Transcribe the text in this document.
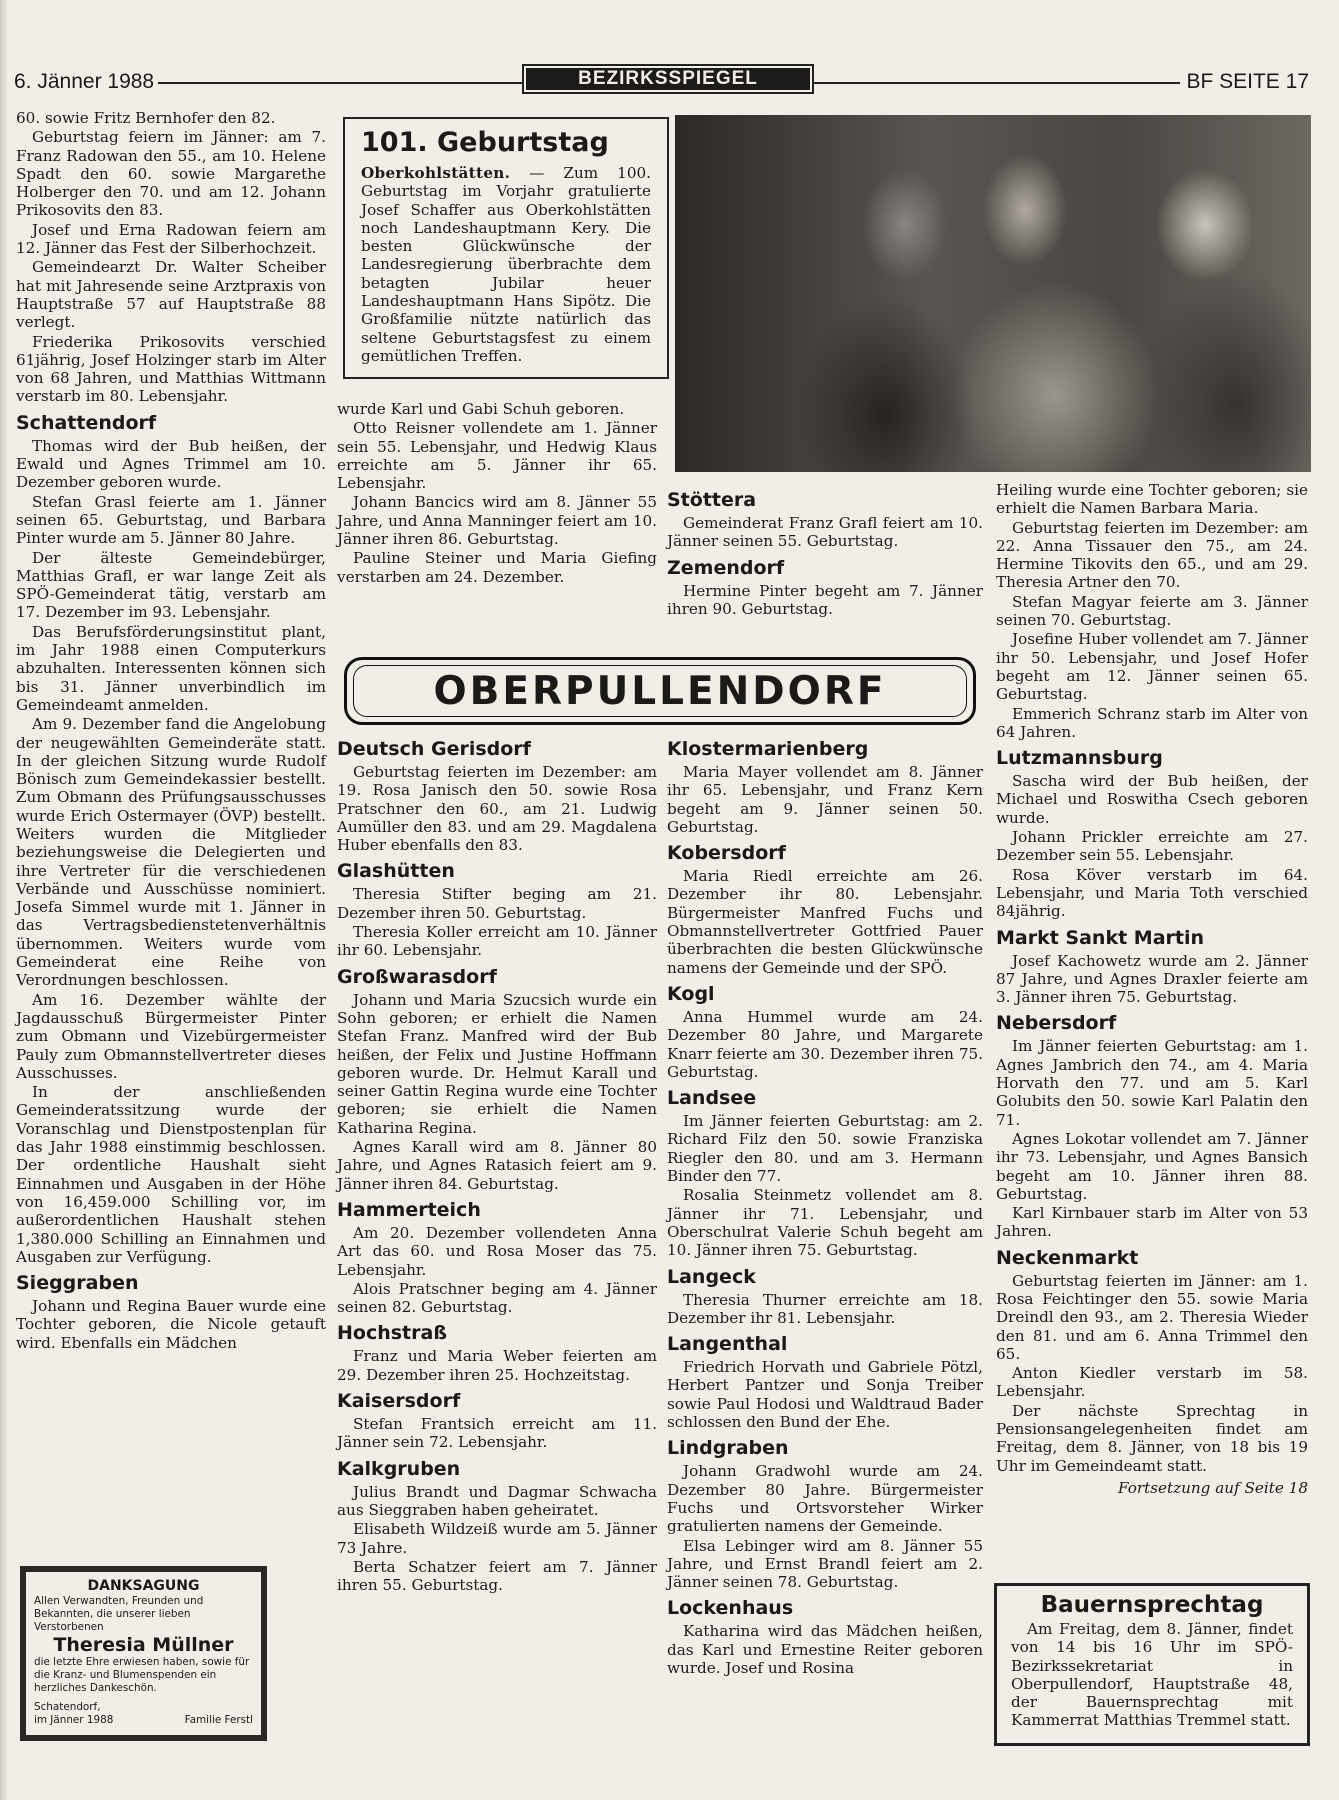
6. Jänner 1988	BEZIRKSSPIEGEL	BF SEITE 17

60. sowie Fritz Bernhofer den 82.

Geburtstag feiern im Jänner: am 7. Franz Radowan den 55., am 10. Helene Spadt den 60. sowie Margarethe Holberger den 70. und am 12. Johann Prikosovits den 83.

Josef und Erna Radowan feiern am 12. Jänner das Fest der Silberhochzeit.

Gemeindearzt Dr. Walter Scheiber hat mit Jahresende seine Arztpraxis von Hauptstraße 57 auf Hauptstraße 88 verlegt.

Friederika Prikosovits verschied 61jährig, Josef Holzinger starb im Alter von 68 Jahren, und Matthias Wittmann verstarb im 80. Lebensjahr.

Schattendorf

Thomas wird der Bub heißen, der Ewald und Agnes Trimmel am 10. Dezember geboren wurde.

Stefan Grasl feierte am 1. Jänner seinen 65. Geburtstag, und Barbara Pinter wurde am 5. Jänner 80 Jahre.

Der älteste Gemeindebürger, Matthias Grafl, er war lange Zeit als SPÖ-Gemeinderat tätig, verstarb am 17. Dezember im 93. Lebensjahr.

Das Berufsförderungsinstitut plant, im Jahr 1988 einen Computerkurs abzuhalten. Interessenten können sich bis 31. Jänner unverbindlich im Gemeindeamt anmelden.

Am 9. Dezember fand die Angelobung der neugewählten Gemeinderäte statt. In der gleichen Sitzung wurde Rudolf Bönisch zum Gemeindekassier bestellt. Zum Obmann des Prüfungsausschusses wurde Erich Ostermayer (ÖVP) bestellt. Weiters wurden die Mitglieder beziehungsweise die Delegierten und ihre Vertreter für die verschiedenen Verbände und Ausschüsse nominiert. Josefa Simmel wurde mit 1. Jänner in das Vertragsbedienstetenverhältnis übernommen. Weiters wurde vom Gemeinderat eine Reihe von Verordnungen beschlossen.

Am 16. Dezember wählte der Jagdausschuß Bürgermeister Pinter zum Obmann und Vizebürgermeister Pauly zum Obmannstellvertreter dieses Ausschusses.

In der anschließenden Gemeinderatssitzung wurde der Voranschlag und Dienstpostenplan für das Jahr 1988 einstimmig beschlossen. Der ordentliche Haushalt sieht Einnahmen und Ausgaben in der Höhe von 16,459.000 Schilling vor, im außerordentlichen Haushalt stehen 1,380.000 Schilling an Einnahmen und Ausgaben zur Verfügung.

Sieggraben

Johann und Regina Bauer wurde eine Tochter geboren, die Nicole getauft wird. Ebenfalls ein Mädchen

DANKSAGUNG
Allen Verwandten, Freunden und Bekannten, die unserer lieben Verstorbenen
Theresia Müllner
die letzte Ehre erwiesen haben, sowie für die Kranz- und Blumenspenden ein herzliches Dankeschön.
Schatendorf,
im Jänner 1988	Familie Ferstl
101. Geburtstag

Oberkohlstätten. — Zum 100. Geburtstag im Vorjahr gratulierte Josef Schaffer aus Oberkohlstätten noch Landeshauptmann Kery. Die besten Glückwünsche der Landesregierung überbrachte dem betagten Jubilar heuer Landeshauptmann Hans Sipötz. Die Großfamilie nützte natürlich das seltene Geburtstagsfest zu einem gemütlichen Treffen.

wurde Karl und Gabi Schuh geboren.

Otto Reisner vollendete am 1. Jänner sein 55. Lebensjahr, und Hedwig Klaus erreichte am 5. Jänner ihr 65. Lebensjahr.

Johann Bancics wird am 8. Jänner 55 Jahre, und Anna Manninger feiert am 10. Jänner ihren 86. Geburtstag.

Pauline Steiner und Maria Giefing verstarben am 24. Dezember.

Stöttera

Gemeinderat Franz Grafl feiert am 10. Jänner seinen 55. Geburtstag.

Zemendorf

Hermine Pinter begeht am 7. Jänner ihren 90. Geburtstag.

OBERPULLENDORF
Deutsch Gerisdorf

Geburtstag feierten im Dezember: am 19. Rosa Janisch den 50. sowie Rosa Pratschner den 60., am 21. Ludwig Aumüller den 83. und am 29. Magdalena Huber ebenfalls den 83.

Glashütten

Theresia Stifter beging am 21. Dezember ihren 50. Geburtstag.

Theresia Koller erreicht am 10. Jänner ihr 60. Lebensjahr.

Großwarasdorf

Johann und Maria Szucsich wurde ein Sohn geboren; er erhielt die Namen Stefan Franz. Manfred wird der Bub heißen, der Felix und Justine Hoffmann geboren wurde. Dr. Helmut Karall und seiner Gattin Regina wurde eine Tochter geboren; sie erhielt die Namen Katharina Regina.

Agnes Karall wird am 8. Jänner 80 Jahre, und Agnes Ratasich feiert am 9. Jänner ihren 84. Geburtstag.

Hammerteich

Am 20. Dezember vollendeten Anna Art das 60. und Rosa Moser das 75. Lebensjahr.

Alois Pratschner beging am 4. Jänner seinen 82. Geburtstag.

Hochstraß

Franz und Maria Weber feierten am 29. Dezember ihren 25. Hochzeitstag.

Kaisersdorf

Stefan Frantsich erreicht am 11. Jänner sein 72. Lebensjahr.

Kalkgruben

Julius Brandt und Dagmar Schwacha aus Sieggraben haben geheiratet.

Elisabeth Wildzeiß wurde am 5. Jänner 73 Jahre.

Berta Schatzer feiert am 7. Jänner ihren 55. Geburtstag.

Klostermarienberg

Maria Mayer vollendet am 8. Jänner ihr 65. Lebensjahr, und Franz Kern begeht am 9. Jänner seinen 50. Geburtstag.

Kobersdorf

Maria Riedl erreichte am 26. Dezember ihr 80. Lebensjahr. Bürgermeister Manfred Fuchs und Obmannstellvertreter Gottfried Pauer überbrachten die besten Glückwünsche namens der Gemeinde und der SPÖ.

Kogl

Anna Hummel wurde am 24. Dezember 80 Jahre, und Margarete Knarr feierte am 30. Dezember ihren 75. Geburtstag.

Landsee

Im Jänner feierten Geburtstag: am 2. Richard Filz den 50. sowie Franziska Riegler den 80. und am 3. Hermann Binder den 77.

Rosalia Steinmetz vollendet am 8. Jänner ihr 71. Lebensjahr, und Oberschulrat Valerie Schuh begeht am 10. Jänner ihren 75. Geburtstag.

Langeck

Theresia Thurner erreichte am 18. Dezember ihr 81. Lebensjahr.

Langenthal

Friedrich Horvath und Gabriele Pötzl, Herbert Pantzer und Sonja Treiber sowie Paul Hodosi und Waldtraud Bader schlossen den Bund der Ehe.

Lindgraben

Johann Gradwohl wurde am 24. Dezember 80 Jahre. Bürgermeister Fuchs und Ortsvorsteher Wirker gratulierten namens der Gemeinde.

Elsa Lebinger wird am 8. Jänner 55 Jahre, und Ernst Brandl feiert am 2. Jänner seinen 78. Geburtstag.

Lockenhaus

Katharina wird das Mädchen heißen, das Karl und Ernestine Reiter geboren wurde. Josef und Rosina

Heiling wurde eine Tochter geboren; sie erhielt die Namen Barbara Maria.

Geburtstag feierten im Dezember: am 22. Anna Tissauer den 75., am 24. Hermine Tikovits den 65., und am 29. Theresia Artner den 70.

Stefan Magyar feierte am 3. Jänner seinen 70. Geburtstag.

Josefine Huber vollendet am 7. Jänner ihr 50. Lebensjahr, und Josef Hofer begeht am 12. Jänner seinen 65. Geburtstag.

Emmerich Schranz starb im Alter von 64 Jahren.

Lutzmannsburg

Sascha wird der Bub heißen, der Michael und Roswitha Csech geboren wurde.

Johann Prickler erreichte am 27. Dezember sein 55. Lebensjahr.

Rosa Köver verstarb im 64. Lebensjahr, und Maria Toth verschied 84jährig.

Markt Sankt Martin

Josef Kachowetz wurde am 2. Jänner 87 Jahre, und Agnes Draxler feierte am 3. Jänner ihren 75. Geburtstag.

Nebersdorf

Im Jänner feierten Geburtstag: am 1. Agnes Jambrich den 74., am 4. Maria Horvath den 77. und am 5. Karl Golubits den 50. sowie Karl Palatin den 71.

Agnes Lokotar vollendet am 7. Jänner ihr 73. Lebensjahr, und Agnes Bansich begeht am 10. Jänner ihren 88. Geburtstag.

Karl Kirnbauer starb im Alter von 53 Jahren.

Neckenmarkt

Geburtstag feierten im Jänner: am 1. Rosa Feichtinger den 55. sowie Maria Dreindl den 93., am 2. Theresia Wieder den 81. und am 6. Anna Trimmel den 65.

Anton Kiedler verstarb im 58. Lebensjahr.

Der nächste Sprechtag in Pensionsangelegenheiten findet am Freitag, dem 8. Jänner, von 18 bis 19 Uhr im Gemeindeamt statt.

Fortsetzung auf Seite 18
Bauernsprechtag

Am Freitag, dem 8. Jänner, findet von 14 bis 16 Uhr im SPÖ-Bezirkssekretariat in Oberpullendorf, Hauptstraße 48, der Bauernsprechtag mit Kammerrat Matthias Tremmel statt.
